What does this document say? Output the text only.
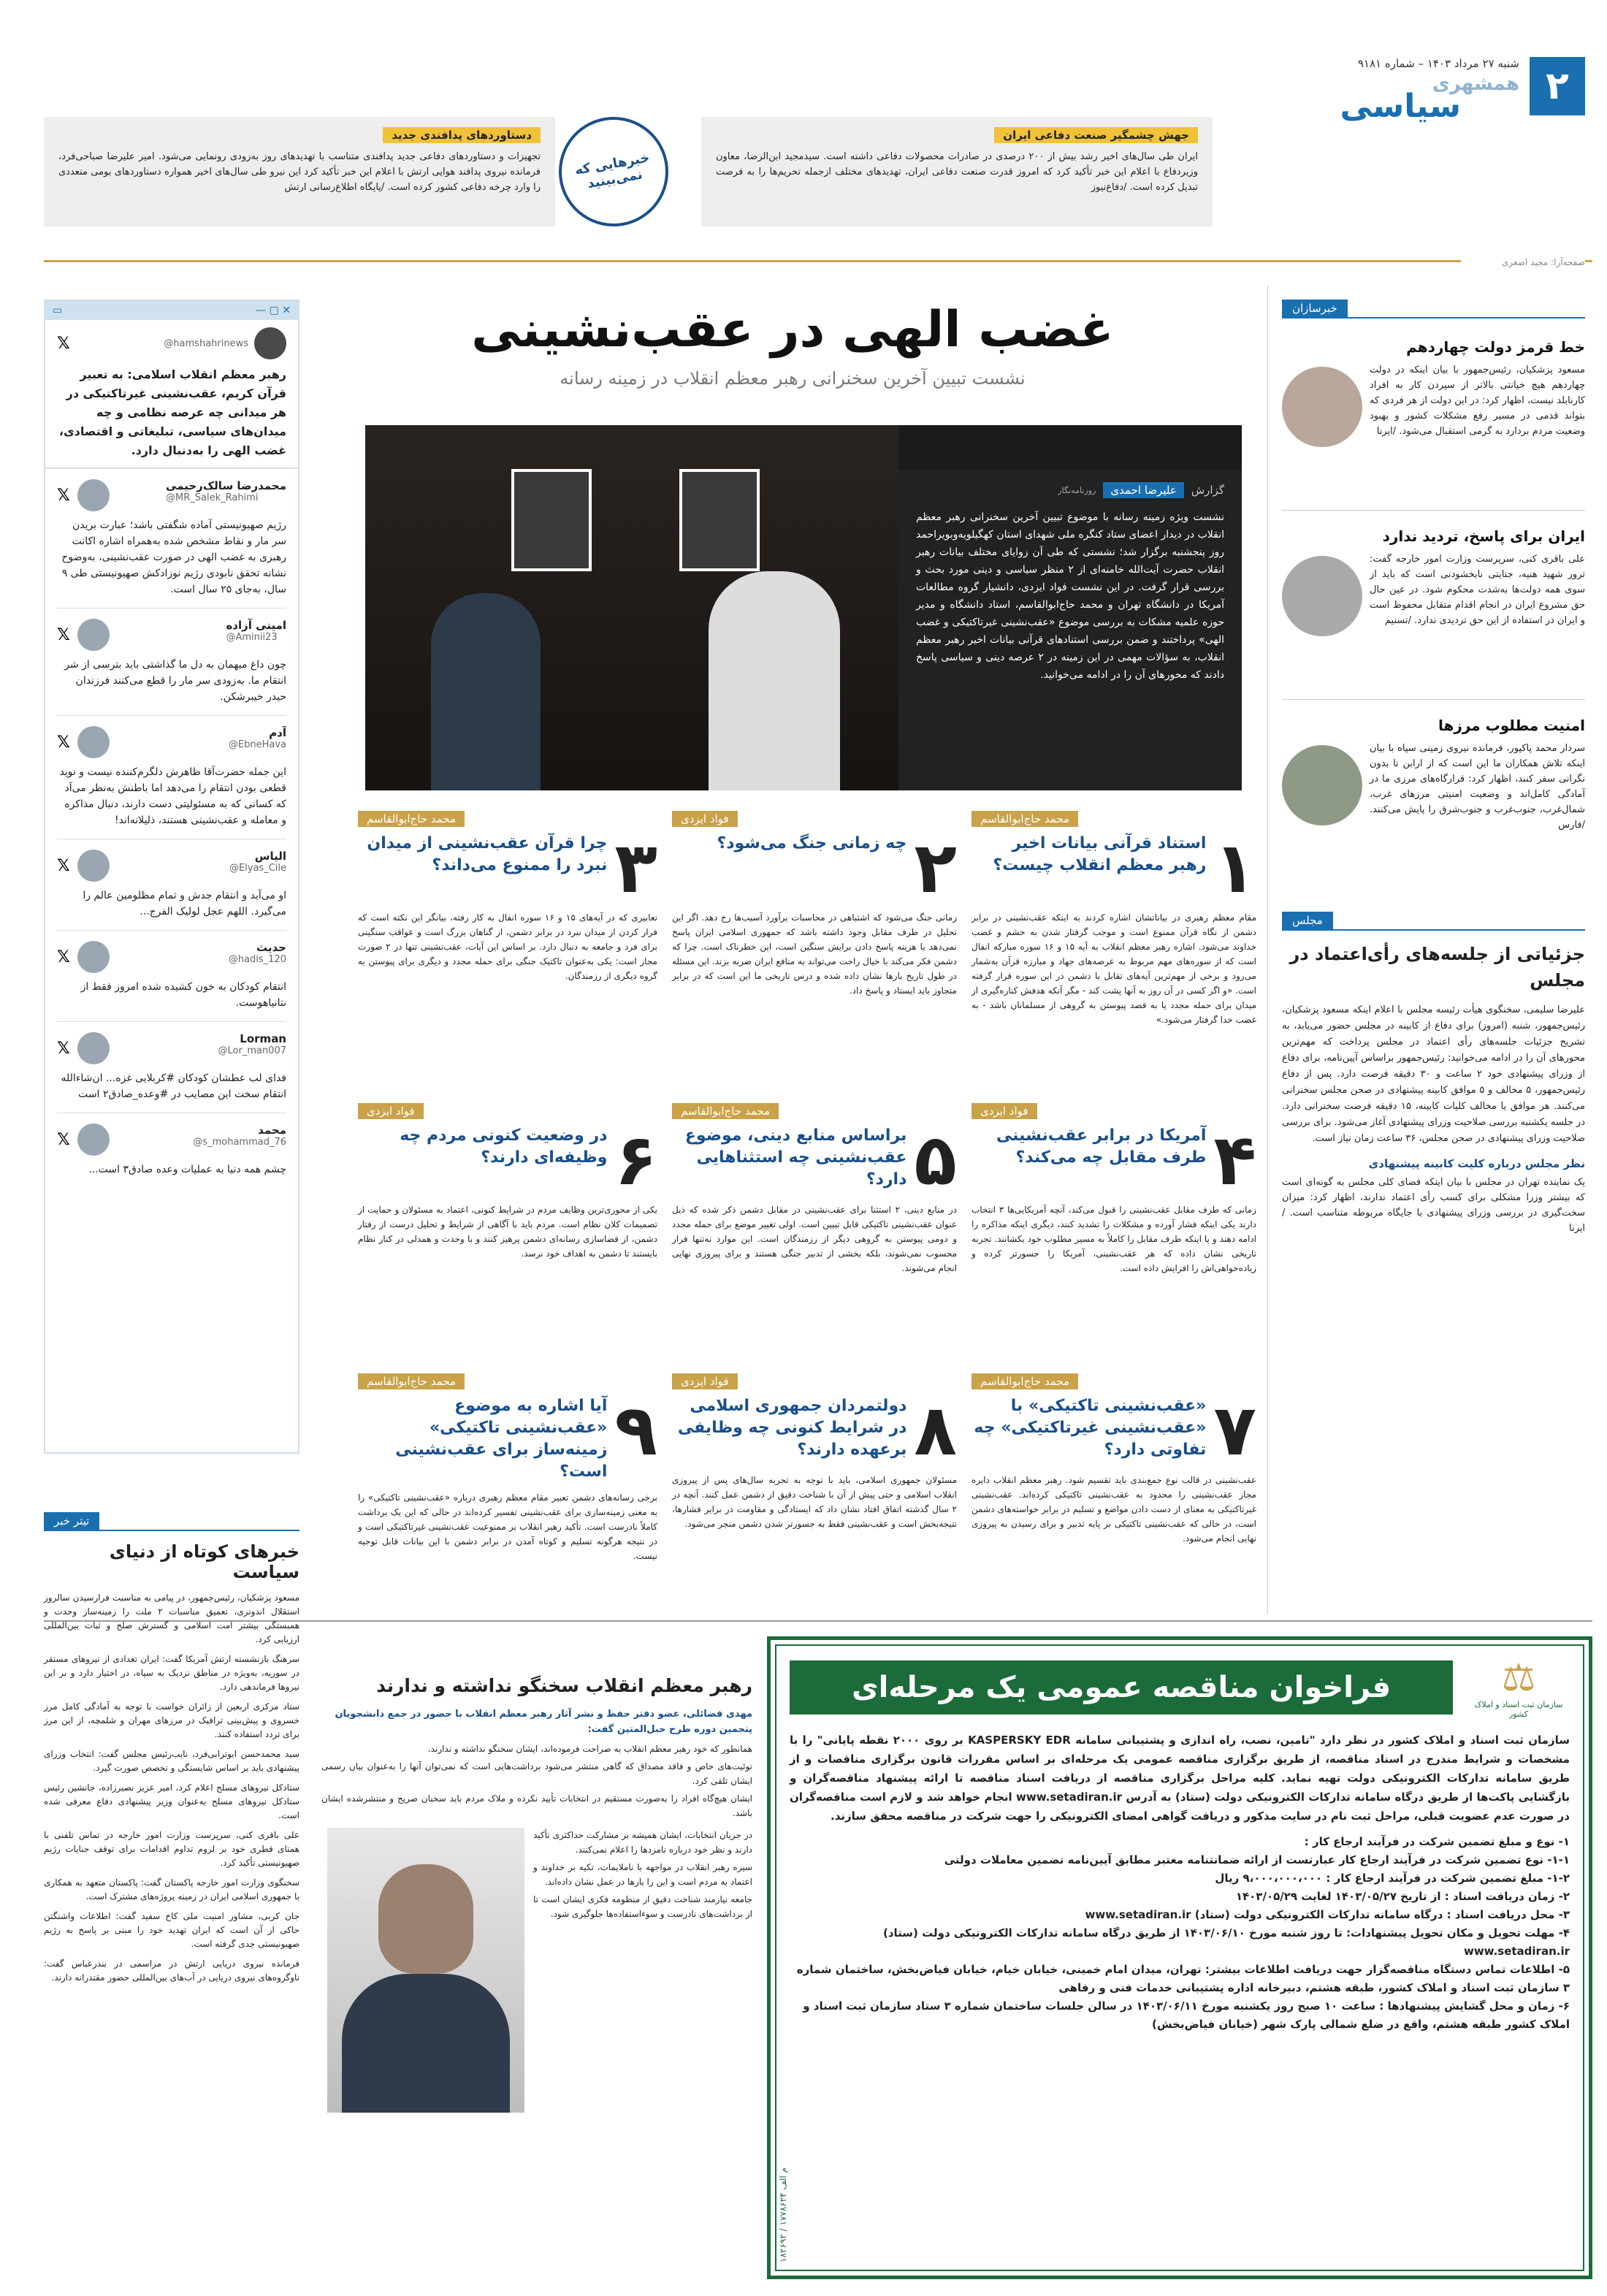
۲
شنبه ۲۷ مرداد ۱۴۰۳ – شماره ۹۱۸۱
همشهری
سیاسی
جهش چشمگیر صنعت دفاعی ایران
ایران طی سال‌های اخیر رشد بیش از ۲۰۰ درصدی در صادرات محصولات دفاعی داشته است. سیدمجید ابن‌الرضا، معاون وزیردفاع با اعلام این خبر تأکید کرد که امروز قدرت صنعت دفاعی ایران، تهدیدهای مختلف ازجمله تحریم‌ها را به فرصت تبدیل کرده است. /دفاع‌نیوز
خبرهایی که نمی‌بینید
دستاوردهای پدافندی جدید
تجهیزات و دستاوردهای دفاعی جدید پدافندی متناسب با تهدیدهای روز به‌زودی رونمایی می‌شود. امیر علیرضا صباحی‌فرد، فرمانده نیروی پدافند هوایی ارتش با اعلام این خبر تأکید کرد این نیرو طی سال‌های اخیر همواره دستاوردهای بومی متعددی را وارد چرخه دفاعی کشور کرده است. /پایگاه اطلاع‌رسانی ارتش
صفحه‌آرا: مجید اصغری
خبرسازان
خط قرمز دولت چهاردهم
مسعود پزشکیان، رئیس‌جمهور با بیان اینکه در دولت چهاردهم هیچ خیانتی بالاتر از سپردن کار به افراد کارنابلد نیست، اظهار کرد: در این دولت از هر فردی که بتواند قدمی در مسیر رفع مشکلات کشور و بهبود وضعیت مردم بردارد به گرمی استقبال می‌شود. /ایرنا
ایران برای پاسخ، تردید ندارد
علی باقری کنی، سرپرست وزارت امور خارجه گفت: ترور شهید هنیه، جنایتی نابخشودنی است که باید از سوی همه دولت‌ها به‌شدت محکوم شود. در عین حال حق مشروع ایران در انجام اقدام متقابل محفوظ است و ایران در استفاده از این حق تردیدی ندارد. /تسنیم
امنیت مطلوب مرزها
سردار محمد پاکپور، فرمانده نیروی زمینی سپاه با بیان اینکه تلاش همکاران ما این است که از ارابن تا بدون نگرانی سفر کنند، اظهار کرد: قرارگاه‌های مرزی ما در آمادگی کامل‌اند و وضعیت امنیتی مرزهای غرب، شمال‌غرب، جنوب‌غرب و جنوب‌شرق را پایش می‌کنند. /فارس
مجلس
جزئیاتی از جلسه‌های رأی‌اعتماد در مجلس
علیرضا سلیمی، سخنگوی هیأت رئیسه مجلس با اعلام اینکه مسعود پزشکیان، رئیس‌جمهور، شنبه (امروز) برای دفاع از کابینه در مجلس حضور می‌یابد، به تشریح جزئیات جلسه‌های رأی اعتماد در مجلس پرداخت که مهم‌ترین محورهای آن را در ادامه می‌خوانید: رئیس‌جمهور براساس آیین‌نامه، برای دفاع از وزرای پیشنهادی خود ۲ ساعت و ۳۰ دقیقه فرصت دارد. پس از دفاع رئیس‌جمهور، ۵ مخالف و ۵ موافق کابینه پیشنهادی در صحن مجلس سخنرانی می‌کنند. هر موافق یا مخالف کلیات کابینه، ۱۵ دقیقه فرصت سخنرانی دارد. در جلسه یکشنبه بررسی صلاحیت وزرای پیشنهادی آغاز می‌شود. برای بررسی صلاحیت وزرای پیشنهادی در صحن مجلس، ۳۶ ساعت زمان نیاز است.
نظر مجلس درباره کلیت کابینه پیشنهادی
یک نماینده تهران در مجلس با بیان اینکه فضای کلی مجلس به گونه‌ای است که بیشتر وزرا مشکلی برای کسب رأی اعتماد ندارند، اظهار کرد: میزان سخت‌گیری در بررسی وزرای پیشنهادی با جایگاه مربوطه متناسب است. /ایرنا
✕ ▢ —
▭
@hamshahrinews
𝕏
رهبر معظم انقلاب اسلامی: به تعبیر قرآن کریم، عقب‌نشینی غیرتاکتیکی در هر میدانی چه عرصه نظامی و چه میدان‌های سیاسی، تبلیغاتی و اقتصادی، غضب الهی را به‌دنبال دارد.
محمدرضا سالک‌رحیمی
@MR_Salek_Rahimi
𝕏
رژیم صهیونیستی آماده شگفتی باشد؛ عبارت بریدن سر مار و نقاط مشخص شده به‌همراه اشاره اکانت رهبری به غضب الهی در صورت عقب‌نشینی، به‌وضوح نشانه تحقق نابودی رژیم نوزادکش صهیونیستی طی ۹ سال، به‌جای ۲۵ سال است.
امینی آزاده
@Aminii23
𝕏
چون داغ میهمان به دل ما گذاشتی باید بترسی از شر انتقام ما. به‌زودی سر مار را قطع می‌کنند فرزندان حیدر خیبرشکن.
آدم
@EbneHava
𝕏
این جمله حضرت‌آقا ظاهرش دلگرم‌کننده نیست و نوید قطعی بودن انتقام را می‌دهد اما باطنش به‌نظر می‌آد که کسانی که به مسئولیتی دست دارند، دنبال مذاکره و معامله و عقب‌نشینی هستند، ذلیلانه‌اند!
الیاس
@Elyas_Cile
𝕏
او می‌آید و انتقام جدش و تمام مظلومین عالم را می‌گیرد. اللهم عجل لولیک الفرج...
حدیث
@hadis_120
𝕏
انتقام کودکان به خون کشیده شده امروز فقط از نتانیاهوست.
Lorman
@Lor_man007
𝕏
فدای لب عطشان کودکان #کربلایی غزه... ان‌شاءالله انتقام سخت این مصایب در #وعده_صادق۲ است
محمد
@s_mohammad_76
𝕏
چشم همه دنیا به عملیات وعده صادق۳ است...
غضب الهی در عقب‌نشینی
نشست تبیین آخرین سخنرانی رهبر معظم انقلاب در زمینه رسانه
گزارش
علیرضا احمدی
روزنامه‌نگار
نشست ویژه زمینه رسانه با موضوع تبیین آخرین سخنرانی رهبر معظم انقلاب در دیدار اعضای ستاد کنگره ملی شهدای استان کهگیلویه‌وبویراحمد روز پنجشنبه برگزار شد؛ نشستی که طی آن زوایای مختلف بیانات رهبر انقلاب حضرت آیت‌الله خامنه‌ای از ۲ منظر سیاسی و دینی مورد بحث و بررسی قرار گرفت. در این نشست فواد ایزدی، دانشیار گروه مطالعات آمریکا در دانشگاه تهران و محمد حاج‌ابوالقاسم، استاد دانشگاه و مدیر حوزه علمیه مشکات به بررسی موضوع «عقب‌نشینی غیرتاکتیکی و غضب الهی» پرداختند و ضمن بررسی استنادهای قرآنی بیانات اخیر رهبر معظم انقلاب، به سؤالات مهمی در این زمینه در ۲ عرصه دینی و سیاسی پاسخ دادند که محورهای آن را در ادامه می‌خوانید.
محمد حاج‌ابوالقاسم
۱
استناد قرآنی بیانات اخیر رهبر معظم انقلاب چیست؟
مقام معظم رهبری در بیاناتشان اشاره کردند به اینکه عقب‌نشینی در برابر دشمن از نگاه قرآن ممنوع است و موجب گرفتار شدن به خشم و غضب خداوند می‌شود. اشاره رهبر معظم انقلاب به آیه ۱۵ و ۱۶ سوره مبارکه انفال است که از سوره‌های مهم مربوط به عرصه‌های جهاد و مبارزه قرآن به‌شمار می‌رود و برخی از مهم‌ترین آیه‌های تقابل با دشمن در این سوره قرار گرفته است. «و اگر کسی در آن روز به آنها پشت کند - مگر آنکه هدفش کناره‌گیری از میدان برای حمله مجدد یا به قصد پیوستن به گروهی از مسلمانان باشد - به غضب خدا گرفتار می‌شود.»
فواد ایزدی
۲
چه زمانی جنگ می‌شود؟
زمانی جنگ می‌شود که اشتباهی در محاسبات برآورد آسیب‌ها رخ دهد. اگر این تحلیل در طرف مقابل وجود داشته باشد که جمهوری اسلامی ایران پاسخ نمی‌دهد یا هزینه پاسخ دادن برایش سنگین است، این خطرناک است. چرا که دشمن فکر می‌کند با خیال راحت می‌تواند به منافع ایران ضربه بزند. این مسئله در طول تاریخ بارها نشان داده شده و درس تاریخی ما این است که در برابر متجاوز باید ایستاد و پاسخ داد.
محمد حاج‌ابوالقاسم
۳
چرا قرآن عقب‌نشینی از میدان نبرد را ممنوع می‌داند؟
تعابیری که در آیه‌های ۱۵ و ۱۶ سوره انفال به کار رفته، بیانگر این نکته است که فرار کردن از میدان نبرد در برابر دشمن، از گناهان بزرگ است و عواقب سنگینی برای فرد و جامعه به دنبال دارد. بر اساس این آیات، عقب‌نشینی تنها در ۲ صورت مجاز است: یکی به‌عنوان تاکتیک جنگی برای حمله مجدد و دیگری برای پیوستن به گروه دیگری از رزمندگان.
فواد ایزدی
۴
آمریکا در برابر عقب‌نشینی طرف مقابل چه می‌کند؟
زمانی که طرف مقابل عقب‌نشینی را قبول می‌کند، آنچه آمریکایی‌ها ۳ انتخاب دارند یکی اینکه فشار آورده و مشکلات را تشدید کنند، دیگری اینکه مذاکره را ادامه دهند و یا اینکه طرف مقابل را کاملاً به مسیر مطلوب خود بکشانند. تجربه تاریخی نشان داده که هر عقب‌نشینی، آمریکا را جسورتر کرده و زیاده‌خواهی‌اش را افزایش داده است.
محمد حاج‌ابوالقاسم
۵
براساس منابع دینی، موضوع عقب‌نشینی چه استثناهایی دارد؟
در منابع دینی، ۲ استثنا برای عقب‌نشینی در مقابل دشمن ذکر شده که ذیل عنوان عقب‌نشینی تاکتیکی قابل تبیین است. اولی تغییر موضع برای حمله مجدد و دومی پیوستن به گروهی دیگر از رزمندگان است. این موارد نه‌تنها فرار محسوب نمی‌شوند، بلکه بخشی از تدبیر جنگی هستند و برای پیروزی نهایی انجام می‌شوند.
فواد ایزدی
۶
در وضعیت کنونی مردم چه وظیفه‌ای دارند؟
یکی از محوری‌ترین وظایف مردم در شرایط کنونی، اعتماد به مسئولان و حمایت از تصمیمات کلان نظام است. مردم باید با آگاهی از شرایط و تحلیل درست از رفتار دشمن، از فضاسازی رسانه‌ای دشمن پرهیز کنند و با وحدت و همدلی در کنار نظام بایستند تا دشمن به اهداف خود نرسد.
محمد حاج‌ابوالقاسم
۷
«عقب‌نشینی تاکتیکی» با «عقب‌نشینی غیرتاکتیکی» چه تفاوتی دارد؟
عقب‌نشینی در قالب نوع جمع‌بندی باید تقسیم شود. رهبر معظم انقلاب دایره مجاز عقب‌نشینی را محدود به عقب‌نشینی تاکتیکی کرده‌اند. عقب‌نشینی غیرتاکتیکی به معنای از دست دادن مواضع و تسلیم در برابر خواسته‌های دشمن است، در حالی که عقب‌نشینی تاکتیکی بر پایه تدبیر و برای رسیدن به پیروزی نهایی انجام می‌شود.
فواد ایزدی
۸
دولتمردان جمهوری اسلامی در شرایط کنونی چه وظایفی برعهده دارند؟
مسئولان جمهوری اسلامی، باید با توجه به تجربه سال‌های پس از پیروزی انقلاب اسلامی و حتی پیش از آن با شناخت دقیق از دشمن عمل کنند. آنچه در ۲ سال گذشته اتفاق افتاد نشان داد که ایستادگی و مقاومت در برابر فشارها، نتیجه‌بخش است و عقب‌نشینی فقط به جسورتر شدن دشمن منجر می‌شود.
محمد حاج‌ابوالقاسم
۹
آیا اشاره به موضوع «عقب‌نشینی تاکتیکی» زمینه‌ساز برای عقب‌نشینی است؟
برخی رسانه‌های دشمن تعبیر مقام معظم رهبری درباره «عقب‌نشینی تاکتیکی» را به معنی زمینه‌سازی برای عقب‌نشینی تفسیر کرده‌اند در حالی که این یک برداشت کاملاً نادرست است. تأکید رهبر انقلاب بر ممنوعیت عقب‌نشینی غیرتاکتیکی است و در نتیجه هرگونه تسلیم و کوتاه آمدن در برابر دشمن با این بیانات قابل توجیه نیست.
تیتر خبر
خبرهای کوتاه از دنیای سیاست
مسعود پزشکیان، رئیس‌جمهور، در پیامی به مناسبت فرارسیدن سالروز استقلال اندونزی، تعمیق مناسبات ۲ ملت را زمینه‌ساز وحدت و همبستگی بیشتر امت اسلامی و گسترش صلح و ثبات بین‌المللی ارزیابی کرد.
سرهنگ بازنشسته ارتش آمریکا گفت: ایران تعدادی از نیروهای مستقر در سوریه، به‌ویژه در مناطق نزدیک به سپاه، در اختیار دارد و بر این نیروها فرماندهی دارد.
ستاد مرکزی اربعین از زائران خواست با توجه به آمادگی کامل مرز خسروی و پیش‌بینی ترافیک در مرزهای مهران و شلمچه، از این مرز برای تردد استفاده کنند.
سید محمدحسن ابوترابی‌فرد، نایب‌رئیس مجلس گفت: انتخاب وزرای پیشنهادی باید بر اساس شایستگی و تخصص صورت گیرد.
ستادکل نیروهای مسلح اعلام کرد، امیر عزیز نصیرزاده، جانشین رئیس ستادکل نیروهای مسلح به‌عنوان وزیر پیشنهادی دفاع معرفی شده است.
علی باقری کنی، سرپرست وزارت امور خارجه در تماس تلفنی با همتای قطری خود بر لزوم تداوم اقدامات برای توقف جنایات رژیم صهیونیستی تأکید کرد.
سخنگوی وزارت امور خارجه پاکستان گفت: پاکستان متعهد به همکاری با جمهوری اسلامی ایران در زمینه پروژه‌های مشترک است.
جان کربی، مشاور امنیت ملی کاخ سفید گفت: اطلاعات واشنگتن حاکی از آن است که ایران تهدید خود را مبنی بر پاسخ به رژیم صهیونیستی جدی گرفته است.
فرمانده نیروی دریایی ارتش در مراسمی در بندرعباس گفت: ناوگروه‌های نیروی دریایی در آب‌های بین‌المللی حضور مقتدرانه دارند.
رهبر معظم انقلاب سخنگو نداشته و ندارند
مهدی فضائلی، عضو دفتر حفظ و نشر آثار رهبر معظم انقلاب با حضور در جمع دانشجویان پنجمین دوره طرح حبل‌المتین گفت:
همانطور که خود رهبر معظم انقلاب به صراحت فرموده‌اند، ایشان سخنگو نداشته و ندارند.
توئیت‌های خاص و فاقد مصداق که گاهی منتشر می‌شود برداشت‌هایی است که نمی‌توان آنها را به‌عنوان بیان رسمی ایشان تلقی کرد.
ایشان هیچ‌گاه افراد را به‌صورت مستقیم در انتخابات تأیید نکرده و ملاک مردم باید سخنان صریح و منتشرشده ایشان باشد.
در جریان انتخابات، ایشان همیشه بر مشارکت حداکثری تأکید دارند و نظر خود درباره نامزدها را اعلام نمی‌کنند.
سیره رهبر انقلاب در مواجهه با ناملایمات، تکیه بر خداوند و اعتماد به مردم است و این را بارها در عمل نشان داده‌اند.
جامعه نیازمند شناخت دقیق از منظومه فکری ایشان است تا از برداشت‌های نادرست و سوءاستفاده‌ها جلوگیری شود.
⚖
سازمان ثبت اسناد و املاک کشور
فراخوان مناقصه عمومی یک مرحله‌ای
سازمان ثبت اسناد و املاک کشور در نظر دارد "تامین، نصب، راه اندازی و پشتیبانی سامانه KASPERSKY EDR بر روی ۲۰۰۰ نقطه پایانی" را با مشخصات و شرایط مندرج در اسناد مناقصه، از طریق برگزاری مناقصه عمومی یک مرحله‌ای بر اساس مقررات قانون برگزاری مناقصات و از طریق سامانه تدارکات الکترونیکی دولت تهیه نماید. کلیه مراحل برگزاری مناقصه از دریافت اسناد مناقصه تا ارائه پیشنهاد مناقصه‌گران و بازگشایی پاکت‌ها از طریق درگاه سامانه تدارکات الکترونیکی دولت (ستاد) به آدرس www.setadiran.ir انجام خواهد شد و لازم است مناقصه‌گران در صورت عدم عضویت قبلی، مراحل ثبت نام در سایت مذکور و دریافت گواهی امضای الکترونیکی را جهت شرکت در مناقصه محقق سازند.
۱- نوع و مبلغ تضمین شرکت در فرآیند ارجاع کار :
۱-۱- نوع تضمین شرکت در فرآیند ارجاع کار عبارتست از ارائه ضمانتنامه معتبر مطابق آیین‌نامه تضمین معاملات دولتی
۱-۲- مبلغ تضمین شرکت در فرآیند ارجاع کار : ۹،۰۰۰،۰۰۰،۰۰۰ ریال
۲- زمان دریافت اسناد : از تاریخ ۱۴۰۳/۰۵/۲۷ لغایت ۱۴۰۳/۰۵/۲۹
۳- محل دریافت اسناد : درگاه سامانه تدارکات الکترونیکی دولت (ستاد) www.setadiran.ir
۴- مهلت تحویل و مکان تحویل پیشنهادات: تا روز شنبه مورخ ۱۴۰۳/۰۶/۱۰ از طریق درگاه سامانه تدارکات الکترونیکی دولت (ستاد) www.setadiran.ir
۵- اطلاعات تماس دستگاه مناقصه‌گزار جهت دریافت اطلاعات بیشتر: تهران، میدان امام خمینی، خیابان خیام، خیابان فیاض‌بخش، ساختمان شماره ۳ سازمان ثبت اسناد و املاک کشور، طبقه هشتم، دبیرخانه اداره پشتیبانی خدمات فنی و رفاهی
۶- زمان و محل گشایش پیشنهادها : ساعت ۱۰ صبح روز یکشنبه مورخ ۱۴۰۳/۰۶/۱۱ در سالن جلسات ساختمان شماره ۳ ستاد سازمان ثبت اسناد و املاک کشور طبقه هشتم، واقع در ضلع شمالی پارک شهر (خیابان فیاض‌بخش)
م الف ۱۷۷۸۶۲۴ / ۱۸۲۶۹۲
